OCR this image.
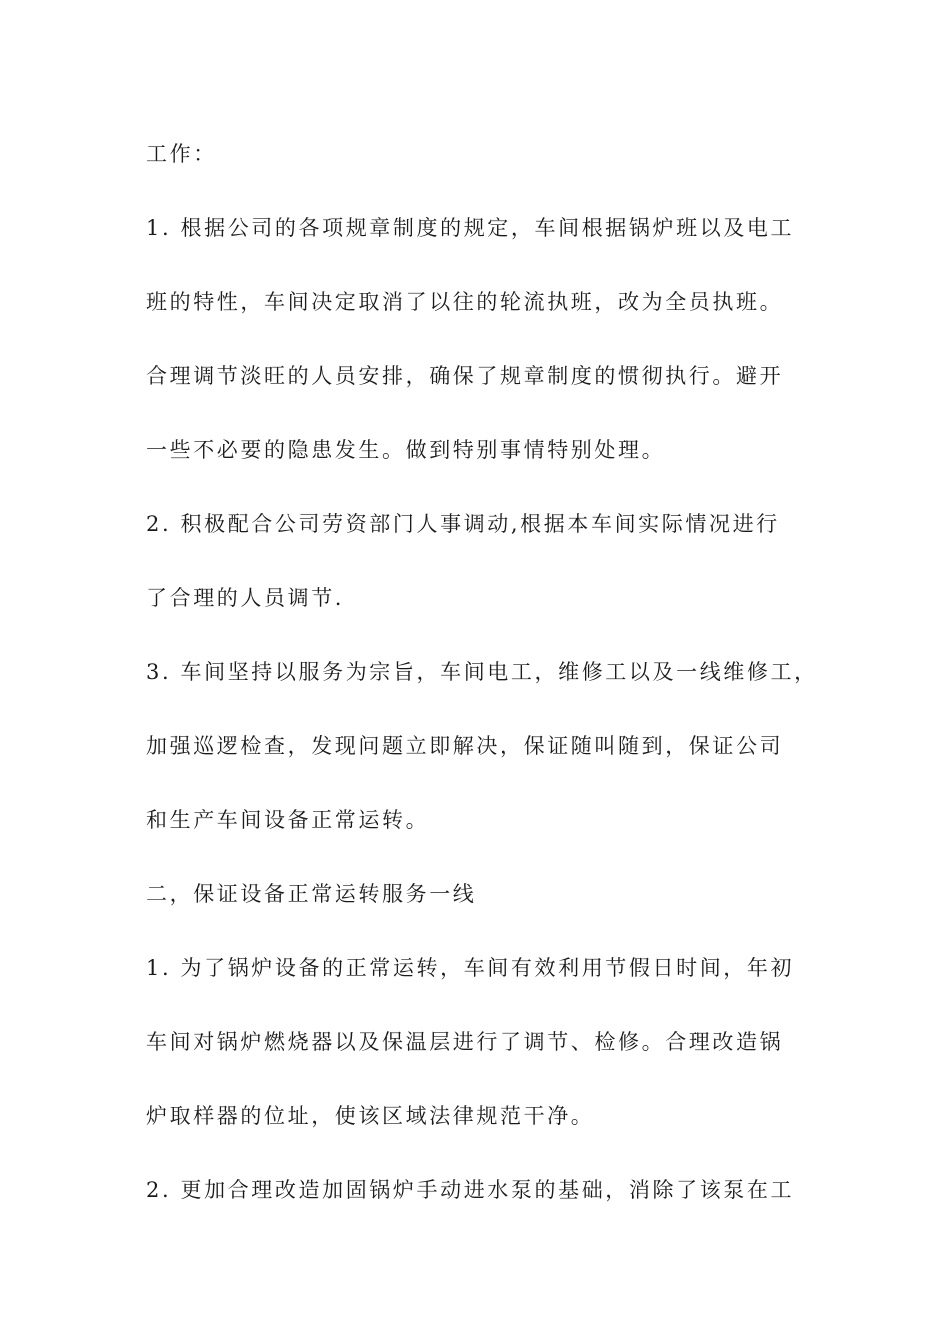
工作：
1. 根据公司的各项规章制度的规定，车间根据锅炉班以及电工
班的特性，车间决定取消了以往的轮流执班，改为全员执班。
合理调节淡旺的人员安排，确保了规章制度的惯彻执行。避开
一些不必要的隐患发生。做到特别事情特别处理。
2. 积极配合公司劳资部门人事调动,根据本车间实际情况进行
了合理的人员调节.
3. 车间坚持以服务为宗旨，车间电工，维修工以及一线维修工，
加强巡逻检查，发现问题立即解决，保证随叫随到，保证公司
和生产车间设备正常运转。
二，保证设备正常运转服务一线
1. 为了锅炉设备的正常运转，车间有效利用节假日时间，年初
车间对锅炉燃烧器以及保温层进行了调节、检修。合理改造锅
炉取样器的位址，使该区域法律规范干净。
2. 更加合理改造加固锅炉手动进水泵的基础，消除了该泵在工
